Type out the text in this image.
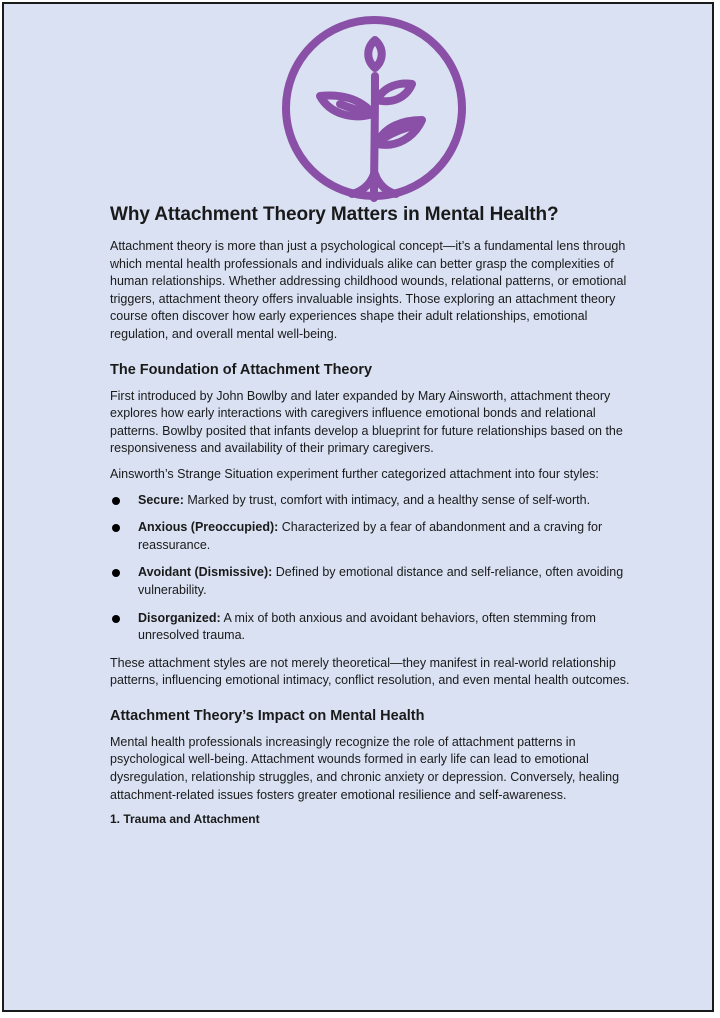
Why Attachment Theory Matters in Mental Health?

Attachment theory is more than just a psychological concept—it’s a fundamental lens through which mental health professionals and individuals alike can better grasp the complexities of human relationships. Whether addressing childhood wounds, relational patterns, or emotional triggers, attachment theory offers invaluable insights. Those exploring an attachment theory course often discover how early experiences shape their adult relationships, emotional regulation, and overall mental well-being.

The Foundation of Attachment Theory

First introduced by John Bowlby and later expanded by Mary Ainsworth, attachment theory explores how early interactions with caregivers influence emotional bonds and relational patterns. Bowlby posited that infants develop a blueprint for future relationships based on the responsiveness and availability of their primary caregivers.

Ainsworth’s Strange Situation experiment further categorized attachment into four styles:

Secure: Marked by trust, comfort with intimacy, and a healthy sense of self-worth.
Anxious (Preoccupied): Characterized by a fear of abandonment and a craving for reassurance.
Avoidant (Dismissive): Defined by emotional distance and self-reliance, often avoiding vulnerability.
Disorganized: A mix of both anxious and avoidant behaviors, often stemming from unresolved trauma.

These attachment styles are not merely theoretical—they manifest in real-world relationship patterns, influencing emotional intimacy, conflict resolution, and even mental health outcomes.

Attachment Theory’s Impact on Mental Health

Mental health professionals increasingly recognize the role of attachment patterns in psychological well-being. Attachment wounds formed in early life can lead to emotional dysregulation, relationship struggles, and chronic anxiety or depression. Conversely, healing attachment-related issues fosters greater emotional resilience and self-awareness.

1. Trauma and Attachment
